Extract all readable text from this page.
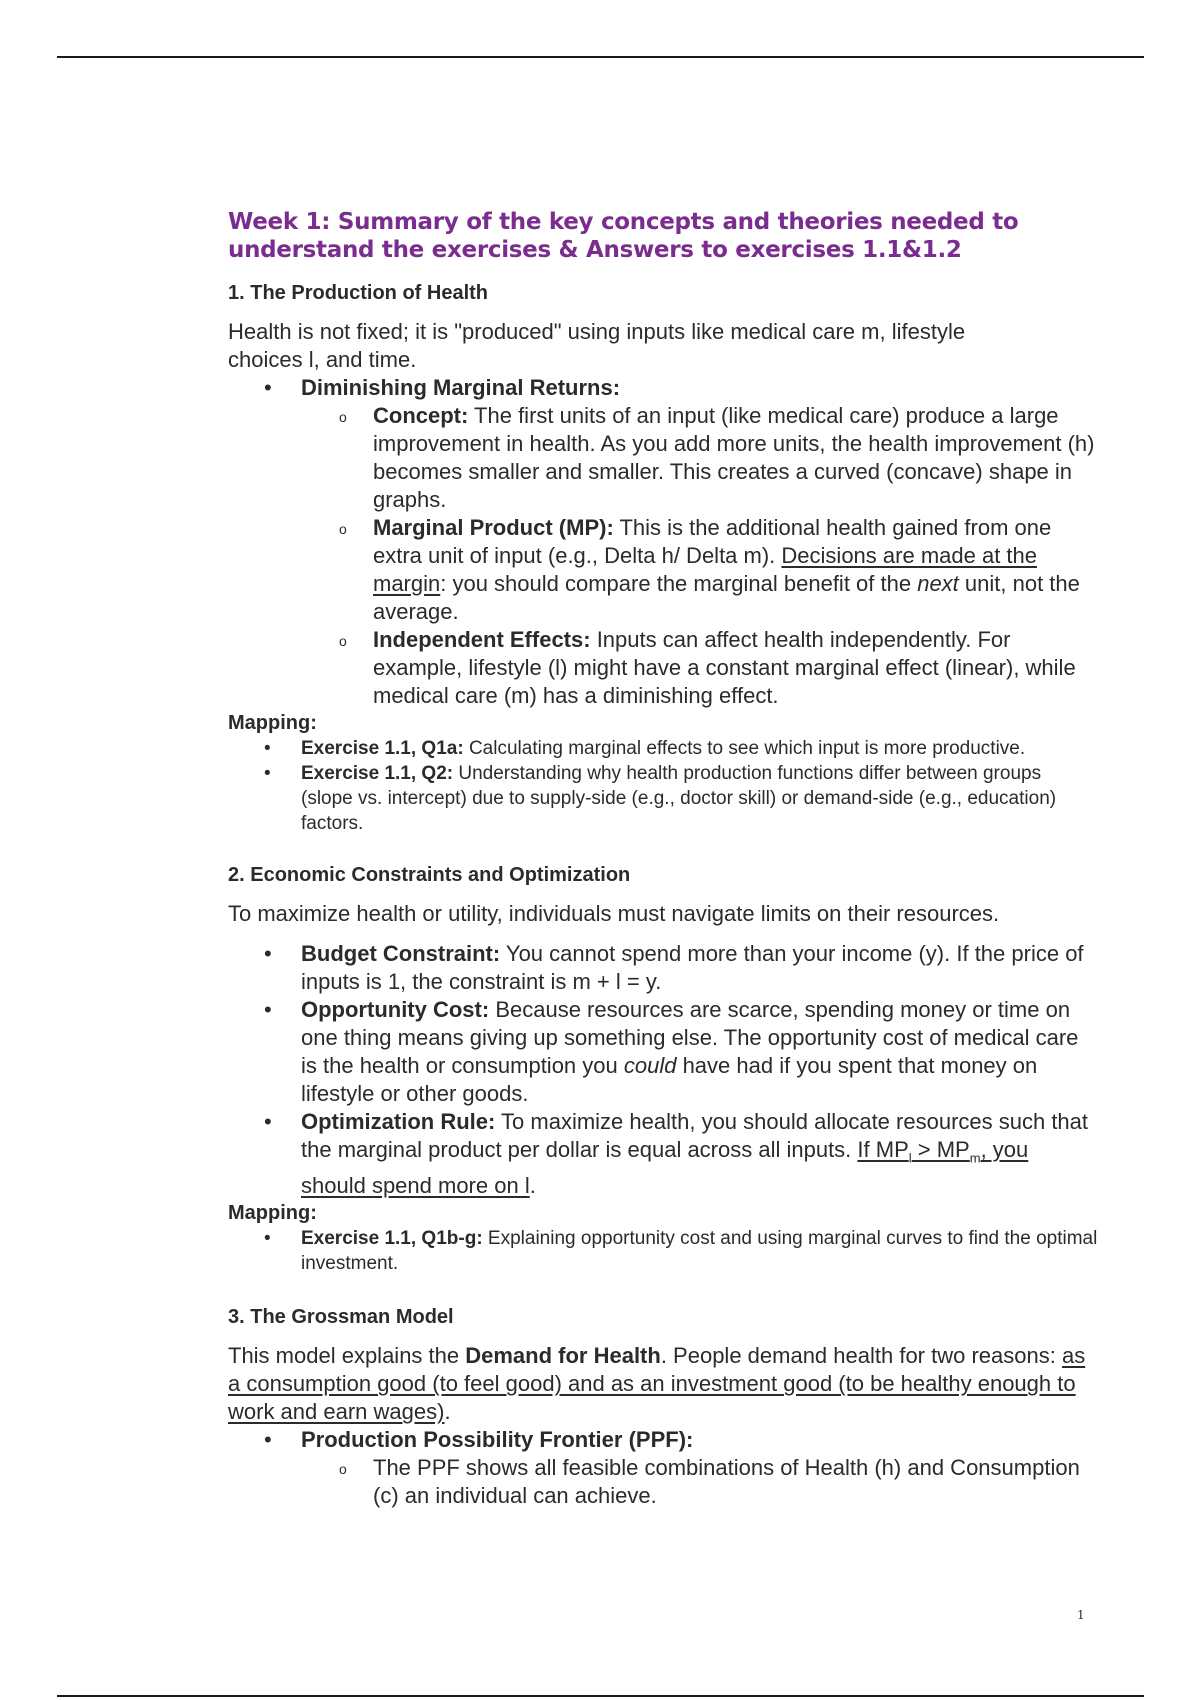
Week 1: Summary of the key concepts and theories needed to
understand the exercises & Answers to exercises 1.1&1.2
1. The Production of Health

Health is not fixed; it is "produced" using inputs like medical care m, lifestyle choices l, and time.

• Diminishing Marginal Returns:
o Concept: The first units of an input (like medical care) produce a large improvement in health. As you add more units, the health improvement (h) becomes smaller and smaller. This creates a curved (concave) shape in graphs.
o Marginal Product (MP): This is the additional health gained from one extra unit of input (e.g., Delta h/ Delta m). Decisions are made at the margin: you should compare the marginal benefit of the next unit, not the average.
o Independent Effects: Inputs can affect health independently. For example, lifestyle (l) might have a constant marginal effect (linear), while medical care (m) has a diminishing effect.
Mapping:
• Exercise 1.1, Q1a: Calculating marginal effects to see which input is more productive.
• Exercise 1.1, Q2: Understanding why health production functions differ between groups (slope vs. intercept) due to supply-side (e.g., doctor skill) or demand-side (e.g., education) factors.
2. Economic Constraints and Optimization

To maximize health or utility, individuals must navigate limits on their resources.

• Budget Constraint: You cannot spend more than your income (y). If the price of inputs is 1, the constraint is m + l = y.
• Opportunity Cost: Because resources are scarce, spending money or time on one thing means giving up something else. The opportunity cost of medical care is the health or consumption you could have had if you spent that money on lifestyle or other goods.
• Optimization Rule: To maximize health, you should allocate resources such that the marginal product per dollar is equal across all inputs. If $MP_l > MP_m$, you should spend more on l.
Mapping:
• Exercise 1.1, Q1b-g: Explaining opportunity cost and using marginal curves to find the optimal investment.
3. The Grossman Model

This model explains the Demand for Health. People demand health for two reasons: as a consumption good (to feel good) and as an investment good (to be healthy enough to work and earn wages).

• Production Possibility Frontier (PPF):
o The PPF shows all feasible combinations of Health (h) and Consumption (c) an individual can achieve.
1
